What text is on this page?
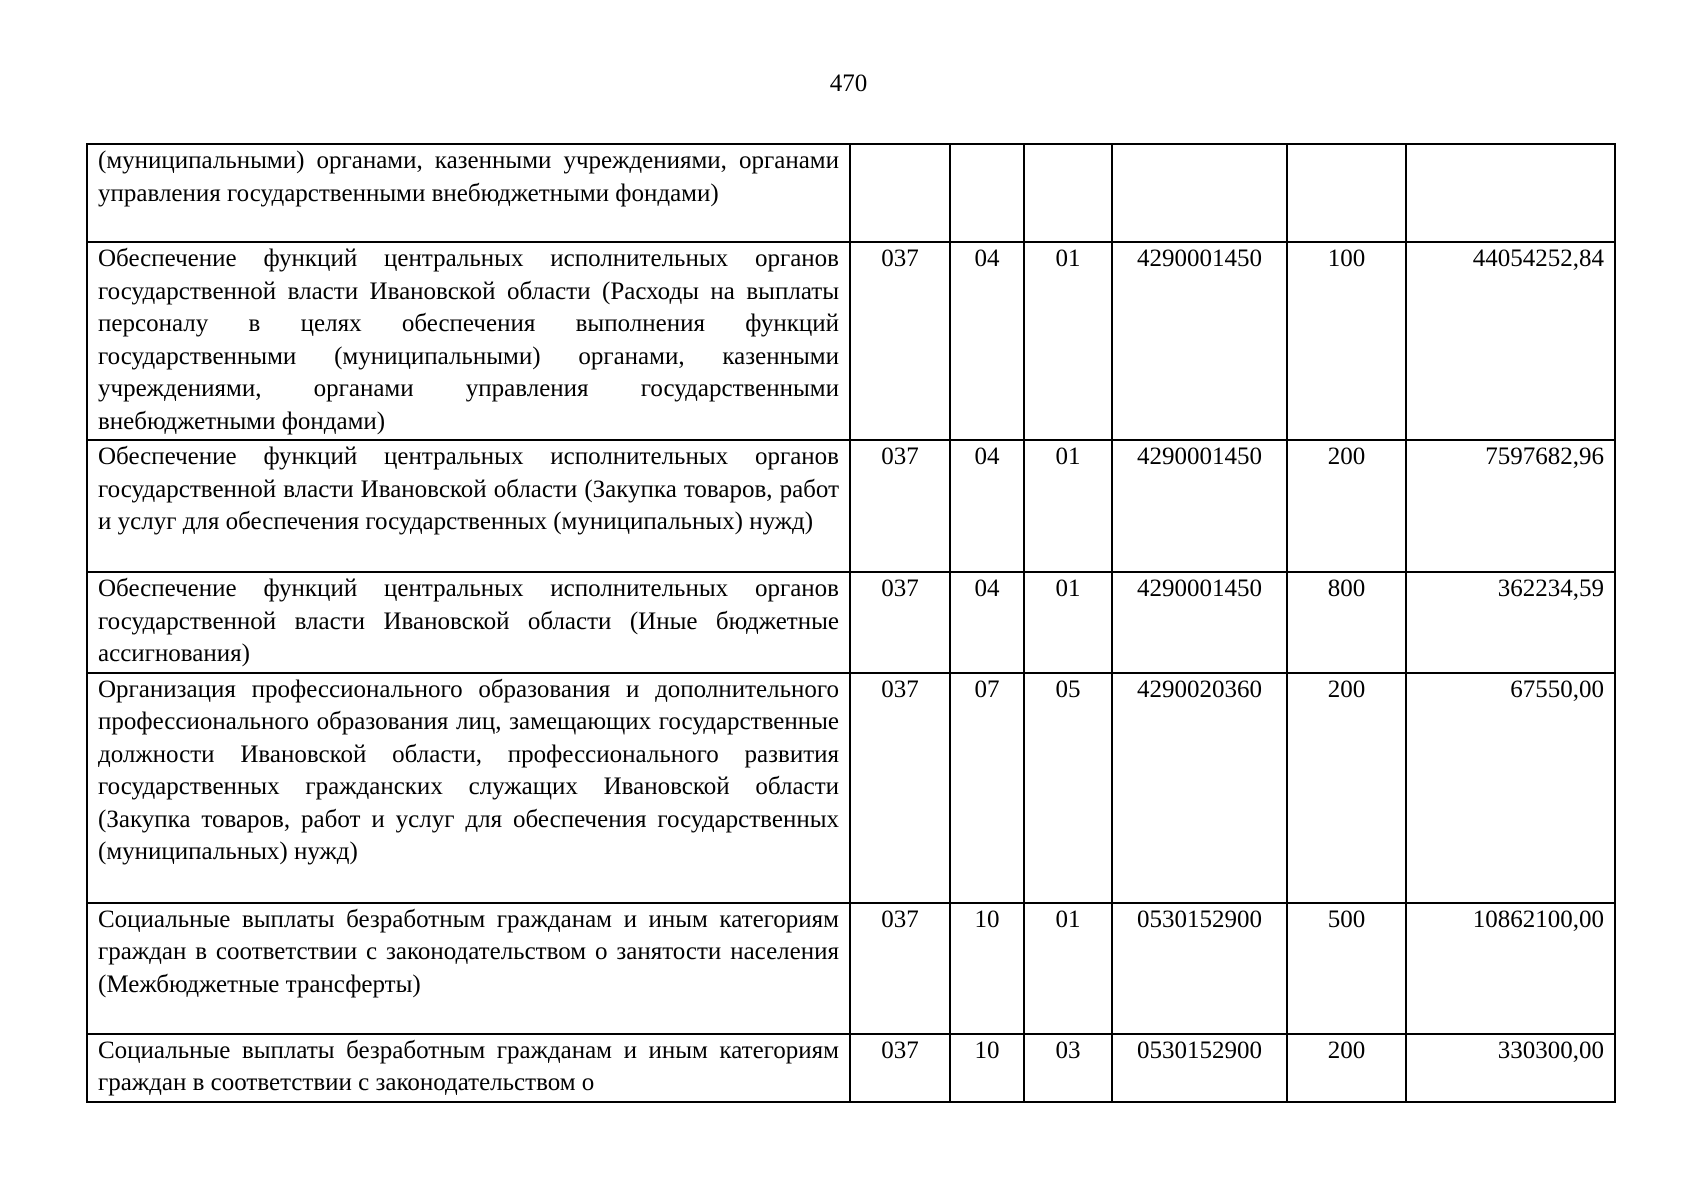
470
(муниципальными) органами, казенными учреждениями, органами управления государственными внебюджетными фондами)						
Обеспечение функций центральных исполнительных органов государственной власти Ивановской области (Расходы на выплаты персоналу в целях обеспечения выполнения функций государственными (муниципальными) органами, казенными учреждениями, органами управления государственными внебюджетными фондами)	037	04	01	4290001450	100	44054252,84
Обеспечение функций центральных исполнительных органов государственной власти Ивановской области (Закупка товаров, работ и услуг для обеспечения государственных (муниципальных) нужд)	037	04	01	4290001450	200	7597682,96
Обеспечение функций центральных исполнительных органов государственной власти Ивановской области (Иные бюджетные ассигнования)	037	04	01	4290001450	800	362234,59
Организация профессионального образования и дополнительного профессионального образования лиц, замещающих государственные должности Ивановской области, профессионального развития государственных гражданских служащих Ивановской области (Закупка товаров, работ и услуг для обеспечения государственных (муниципальных) нужд)	037	07	05	4290020360	200	67550,00
Социальные выплаты безработным гражданам и иным категориям граждан в соответствии с законодательством о занятости населения (Межбюджетные трансферты)	037	10	01	0530152900	500	10862100,00
Социальные выплаты безработным гражданам и иным категориям граждан в соответствии с законодательством о	037	10	03	0530152900	200	330300,00
